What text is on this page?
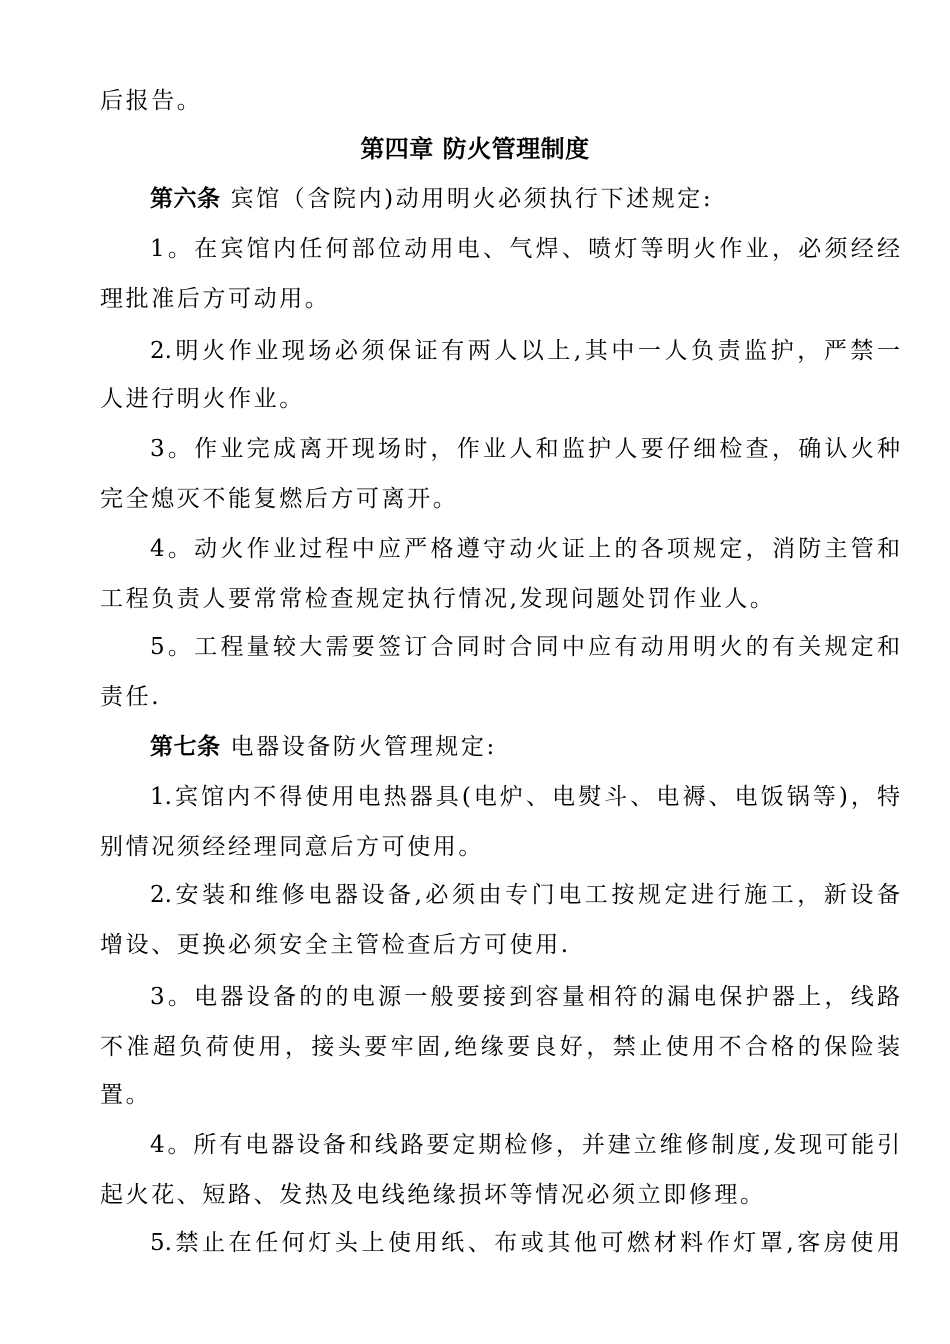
后报告。
第四章 防火管理制度
第六条 宾馆（含院内)动用明火必须执行下述规定:
1。在宾馆内任何部位动用电、气焊、喷灯等明火作业，必须经经
理批准后方可动用。
2.明火作业现场必须保证有两人以上,其中一人负责监护，严禁一
人进行明火作业。
3。作业完成离开现场时，作业人和监护人要仔细检查，确认火种
完全熄灭不能复燃后方可离开。
4。动火作业过程中应严格遵守动火证上的各项规定，消防主管和
工程负责人要常常检查规定执行情况,发现问题处罚作业人。
5。工程量较大需要签订合同时合同中应有动用明火的有关规定和
责任.
第七条 电器设备防火管理规定:
1.宾馆内不得使用电热器具(电炉、电熨斗、电褥、电饭锅等)，特
别情况须经经理同意后方可使用。
2.安装和维修电器设备,必须由专门电工按规定进行施工，新设备
增设、更换必须安全主管检查后方可使用.
3。电器设备的的电源一般要接到容量相符的漏电保护器上，线路
不准超负荷使用，接头要牢固,绝缘要良好，禁止使用不合格的保险装
置。
4。所有电器设备和线路要定期检修，并建立维修制度,发现可能引
起火花、短路、发热及电线绝缘损坏等情况必须立即修理。
5.禁止在任何灯头上使用纸、布或其他可燃材料作灯罩,客房使用
